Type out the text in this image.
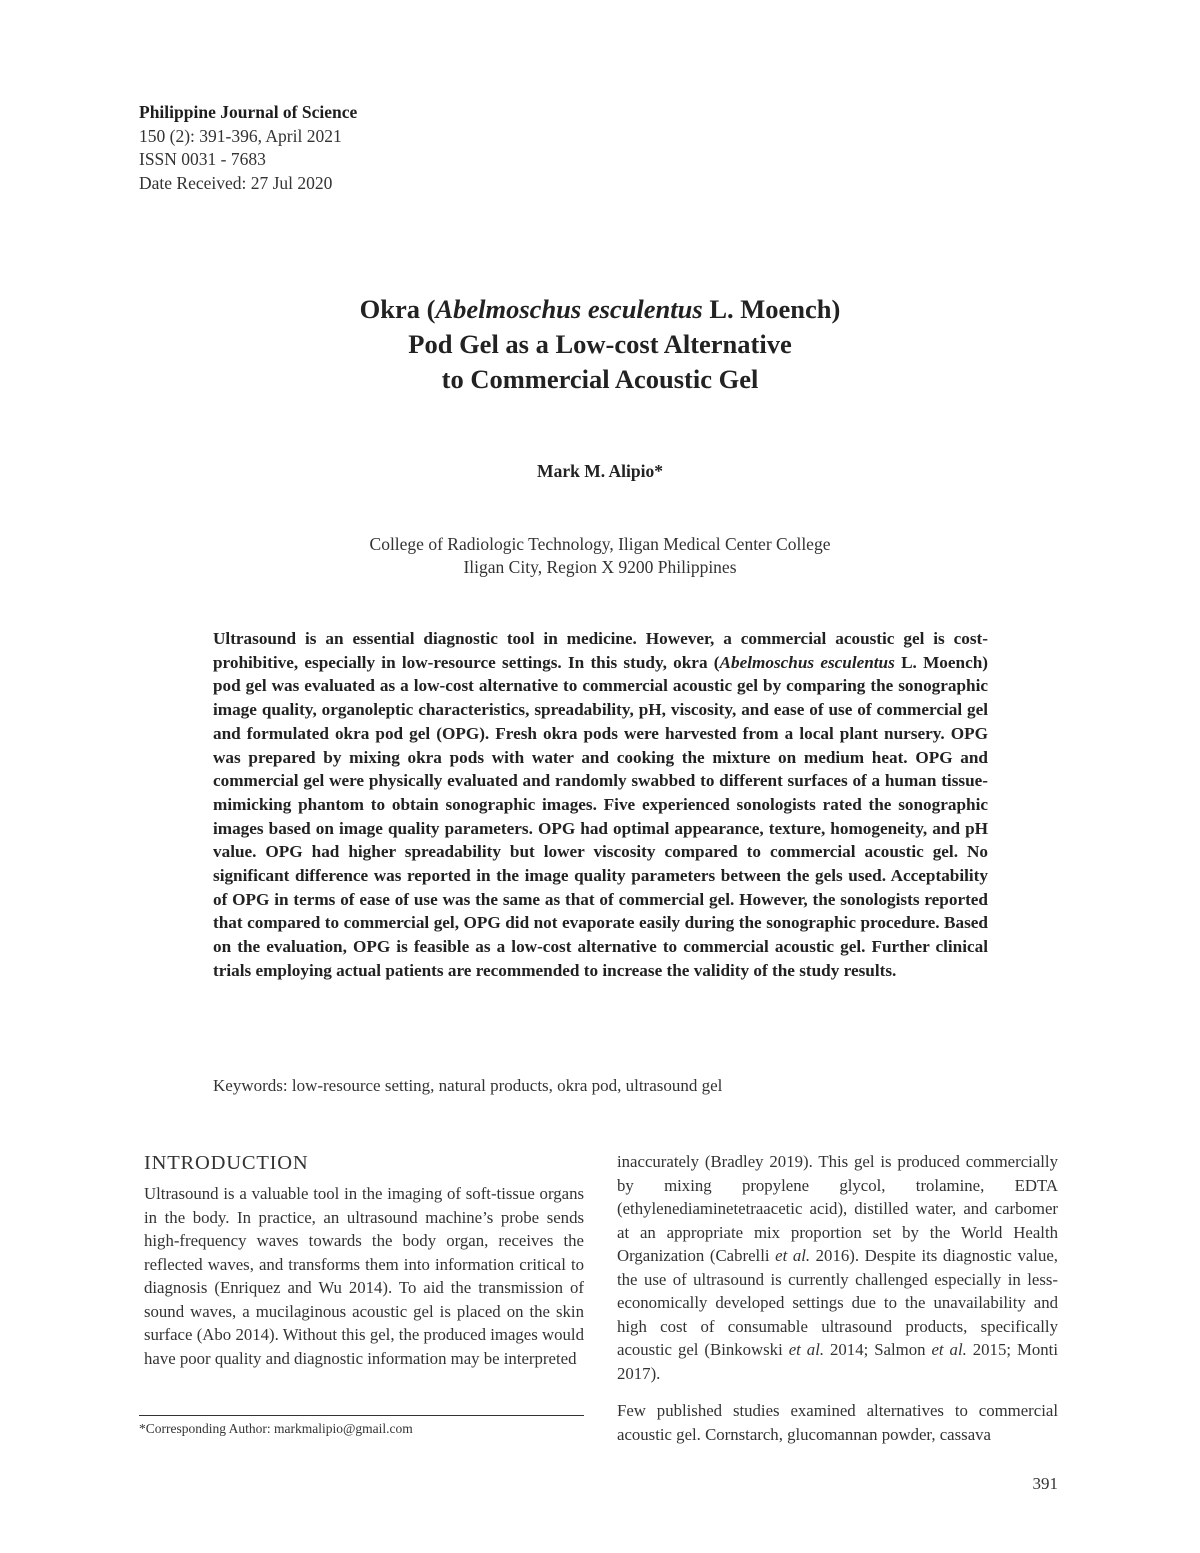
Philippine Journal of Science
150 (2): 391-396, April 2021
ISSN 0031 - 7683
Date Received: 27 Jul 2020
Okra (Abelmoschus esculentus L. Moench)
Pod Gel as a Low-cost Alternative
to Commercial Acoustic Gel
Mark M. Alipio*
College of Radiologic Technology, Iligan Medical Center College
Iligan City, Region X 9200 Philippines

Ultrasound is an essential diagnostic tool in medicine. However, a commercial acoustic gel is cost-prohibitive, especially in low-resource settings. In this study, okra (Abelmoschus esculentus L. Moench) pod gel was evaluated as a low-cost alternative to commercial acoustic gel by comparing the sonographic image quality, organoleptic characteristics, spreadability, pH, viscosity, and ease of use of commercial gel and formulated okra pod gel (OPG). Fresh okra pods were harvested from a local plant nursery. OPG was prepared by mixing okra pods with water and cooking the mixture on medium heat. OPG and commercial gel were physically evaluated and randomly swabbed to different surfaces of a human tissue-mimicking phantom to obtain sonographic images. Five experienced sonologists rated the sonographic images based on image quality parameters. OPG had optimal appearance, texture, homogeneity, and pH value. OPG had higher spreadability but lower viscosity compared to commercial acoustic gel. No significant difference was reported in the image quality parameters between the gels used. Acceptability of OPG in terms of ease of use was the same as that of commercial gel. However, the sonologists reported that compared to commercial gel, OPG did not evaporate easily during the sonographic procedure. Based on the evaluation, OPG is feasible as a low-cost alternative to commercial acoustic gel. Further clinical trials employing actual patients are recommended to increase the validity of the study results.

Keywords: low-resource setting, natural products, okra pod, ultrasound gel
INTRODUCTION

Ultrasound is a valuable tool in the imaging of soft-tissue organs in the body. In practice, an ultrasound machine’s probe sends high-frequency waves towards the body organ, receives the reflected waves, and transforms them into information critical to diagnosis (Enriquez and Wu 2014). To aid the transmission of sound waves, a mucilaginous acoustic gel is placed on the skin surface (Abo 2014). Without this gel, the produced images would have poor quality and diagnostic information may be interpreted

inaccurately (Bradley 2019). This gel is produced commercially by mixing propylene glycol, trolamine, EDTA (ethylenediaminetetraacetic acid), distilled water, and carbomer at an appropriate mix proportion set by the World Health Organization (Cabrelli et al. 2016). Despite its diagnostic value, the use of ultrasound is currently challenged especially in less-economically developed settings due to the unavailability and high cost of consumable ultrasound products, specifically acoustic gel (Binkowski et al. 2014; Salmon et al. 2015; Monti 2017).

Few published studies examined alternatives to commercial acoustic gel. Cornstarch, glucomannan powder, cassava

*Corresponding Author: markmalipio@gmail.com
391
